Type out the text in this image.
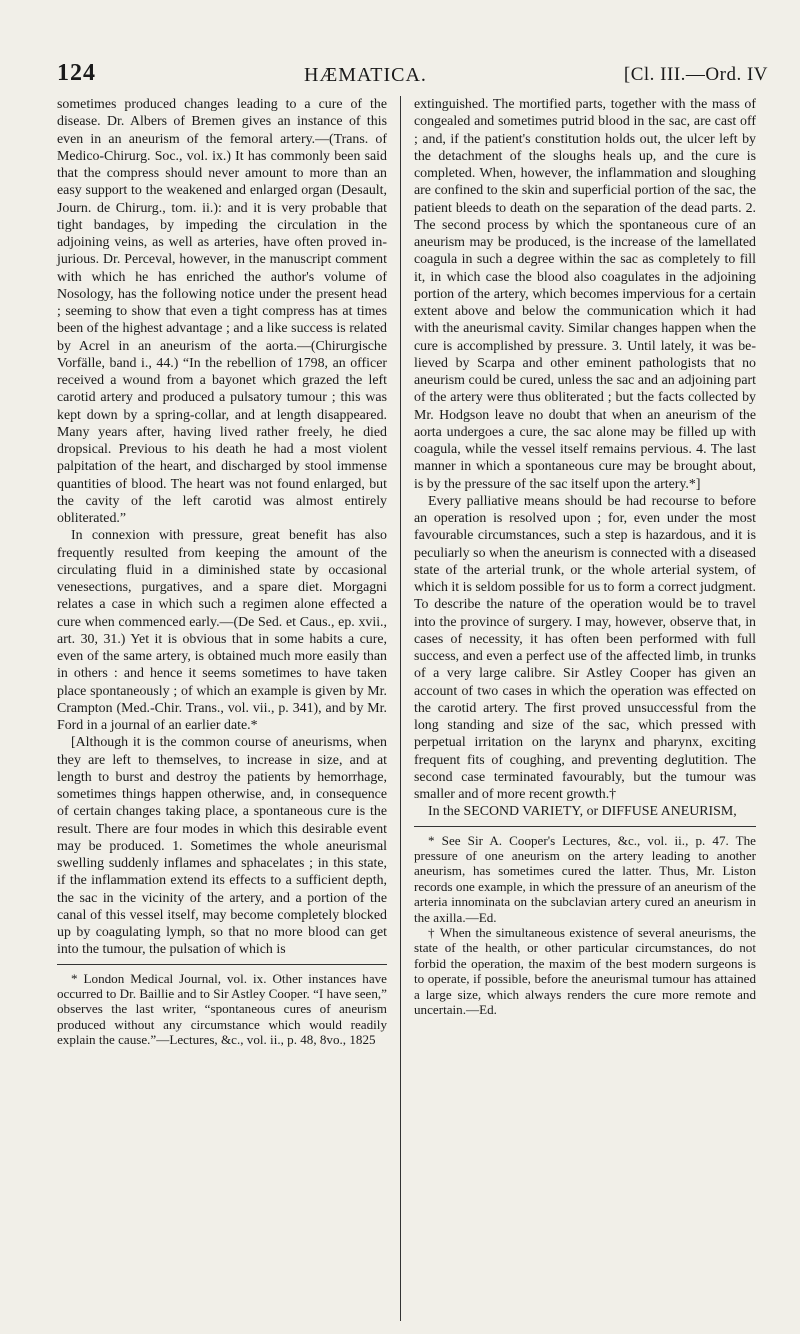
124	HÆMATICA.	[Cl. III.—Ord. IV

sometimes produced changes leading to a cure of the disease. Dr. Albers of Bremen gives an instance of this even in an aneurism of the femoral artery.—(Trans. of Medico-Chirurg. Soc., vol. ix.) It has commonly been said that the compress should never amount to more than an easy support to the weakened and enlarged organ (Desault, Journ. de Chirurg., tom. ii.): and it is very probable that tight bandages, by impeding the circulation in the adjoining veins, as well as arteries, have often proved injurious. Dr. Perceval, however, in the manuscript comment with which he has enriched the author's volume of Nosology, has the following notice under the present head ; seeming to show that even a tight compress has at times been of the highest advantage ; and a like success is related by Acrel in an aneurism of the aorta.—(Chirurgische Vorfälle, band i., 44.) “In the rebellion of 1798, an officer received a wound from a bayonet which grazed the left carotid artery and produced a pulsatory tumour ; this was kept down by a spring-collar, and at length disappeared. Many years after, having lived rather freely, he died dropsical. Previous to his death he had a most violent palpitation of the heart, and discharged by stool immense quantities of blood. The heart was not found enlarged, but the cavity of the left carotid was almost entirely obliterated.”

In connexion with pressure, great benefit has also frequently resulted from keeping the amount of the circulating fluid in a diminished state by occasional venesections, purgatives, and a spare diet. Morgagni relates a case in which such a regimen alone effected a cure when commenced early.—(De Sed. et Caus., ep. xvii., art. 30, 31.) Yet it is obvious that in some habits a cure, even of the same artery, is obtained much more easily than in others : and hence it seems sometimes to have taken place spontaneously ; of which an example is given by Mr. Crampton (Med.-Chir. Trans., vol. vii., p. 341), and by Mr. Ford in a journal of an earlier date.*

[Although it is the common course of aneurisms, when they are left to themselves, to increase in size, and at length to burst and destroy the patients by hemorrhage, sometimes things happen otherwise, and, in consequence of certain changes taking place, a spontaneous cure is the result. There are four modes in which this desirable event may be produced. 1. Sometimes the whole aneurismal swelling suddenly inflames and sphacelates ; in this state, if the inflammation extend its effects to a sufficient depth, the sac in the vicinity of the artery, and a portion of the canal of this vessel itself, may become completely blocked up by coagulating lymph, so that no more blood can get into the tumour, the pulsation of which is

* London Medical Journal, vol. ix. Other instances have occurred to Dr. Baillie and to Sir Astley Cooper. “I have seen,” observes the last writer, “spontaneous cures of aneurism produced without any circumstance which would readily explain the cause.”—Lectures, &c., vol. ii., p. 48, 8vo., 1825

extinguished. The mortified parts, together with the mass of congealed and sometimes putrid blood in the sac, are cast off ; and, if the patient's constitution holds out, the ulcer left by the detachment of the sloughs heals up, and the cure is completed. When, however, the inflammation and sloughing are confined to the skin and superficial portion of the sac, the patient bleeds to death on the separation of the dead parts. 2. The second process by which the spontaneous cure of an aneurism may be produced, is the increase of the lamellated coagula in such a degree within the sac as completely to fill it, in which case the blood also coagulates in the adjoining portion of the artery, which becomes impervious for a certain extent above and below the communication which it had with the aneurismal cavity. Similar changes happen when the cure is accomplished by pressure. 3. Until lately, it was believed by Scarpa and other eminent pathologists that no aneurism could be cured, unless the sac and an adjoining part of the artery were thus obliterated ; but the facts collected by Mr. Hodgson leave no doubt that when an aneurism of the aorta undergoes a cure, the sac alone may be filled up with coagula, while the vessel itself remains pervious. 4. The last manner in which a spontaneous cure may be brought about, is by the pressure of the sac itself upon the artery.*]

Every palliative means should be had recourse to before an operation is resolved upon ; for, even under the most favourable circumstances, such a step is hazardous, and it is peculiarly so when the aneurism is connected with a diseased state of the arterial trunk, or the whole arterial system, of which it is seldom possible for us to form a correct judgment. To describe the nature of the operation would be to travel into the province of surgery. I may, however, observe that, in cases of necessity, it has often been performed with full success, and even a perfect use of the affected limb, in trunks of a very large calibre. Sir Astley Cooper has given an account of two cases in which the operation was effected on the carotid artery. The first proved unsuccessful from the long standing and size of the sac, which pressed with perpetual irritation on the larynx and pharynx, exciting frequent fits of coughing, and preventing deglutition. The second case terminated favourably, but the tumour was smaller and of more recent growth.†

In the SECOND VARIETY, or DIFFUSE ANEURISM,

* See Sir A. Cooper's Lectures, &c., vol. ii., p. 47. The pressure of one aneurism on the artery leading to another aneurism, has sometimes cured the latter. Thus, Mr. Liston records one example, in which the pressure of an aneurism of the arteria innominata on the subclavian artery cured an aneurism in the axilla.—Ed.

† When the simultaneous existence of several aneurisms, the state of the health, or other particular circumstances, do not forbid the operation, the maxim of the best modern surgeons is to operate, if possible, before the aneurismal tumour has attained a large size, which always renders the cure more remote and uncertain.—Ed.
